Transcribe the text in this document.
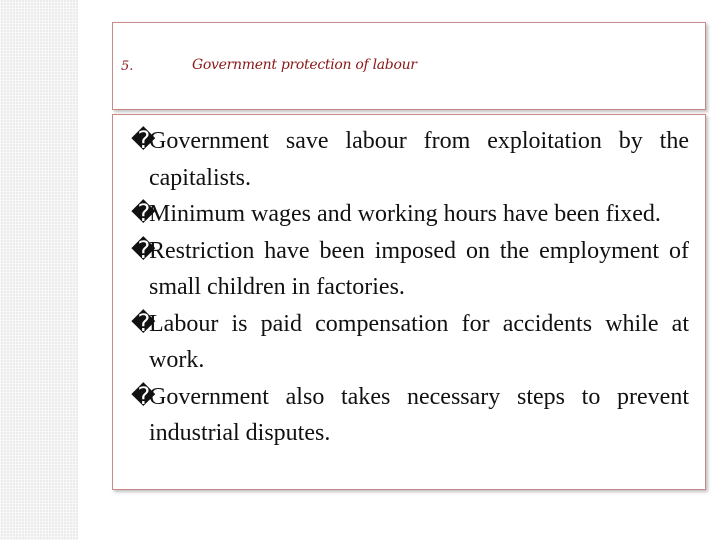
5.	Government protection of labour
�Government save labour from exploitation by the capitalists.
�Minimum wages and working hours have been fixed.
�Restriction have been imposed on the employment of small children in factories.
�Labour is paid compensation for accidents while at work.
�Government also takes necessary steps to prevent industrial disputes.
